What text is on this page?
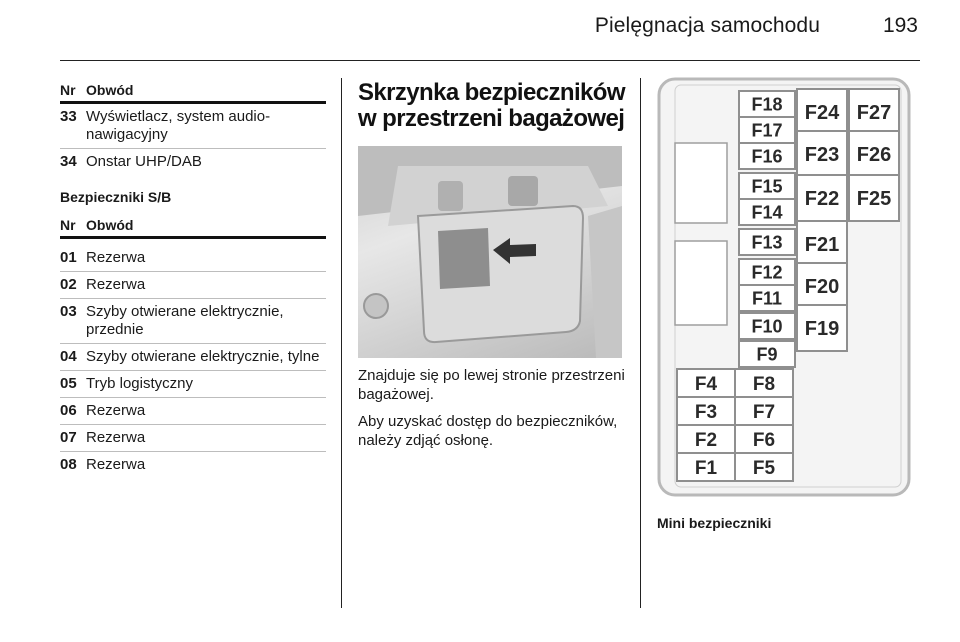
Pielęgnacja samochodu	193
Nr Obwód
33 Wyświetlacz, system audio-nawigacyjny
34 Onstar UHP/DAB
Bezpieczniki S/B
Nr Obwód
01 Rezerwa
02 Rezerwa
03 Szyby otwierane elektrycznie, przednie
04 Szyby otwierane elektrycznie, tylne
05 Tryb logistyczny
06 Rezerwa
07 Rezerwa
08 Rezerwa
Skrzynka bezpieczników w przestrzeni bagażowej

Znajduje się po lewej stronie przestrzeni bagażowej.

Aby uzyskać dostęp do bezpieczników, należy zdjąć osłonę.

F18
F17
F16
F15
F14
F13
F12
F11
F10
F9
F24
F23
F22
F21
F20
F19
F27
F26
F25
F4 F8
F3 F7
F2 F6
F1 F5
Mini bezpieczniki
